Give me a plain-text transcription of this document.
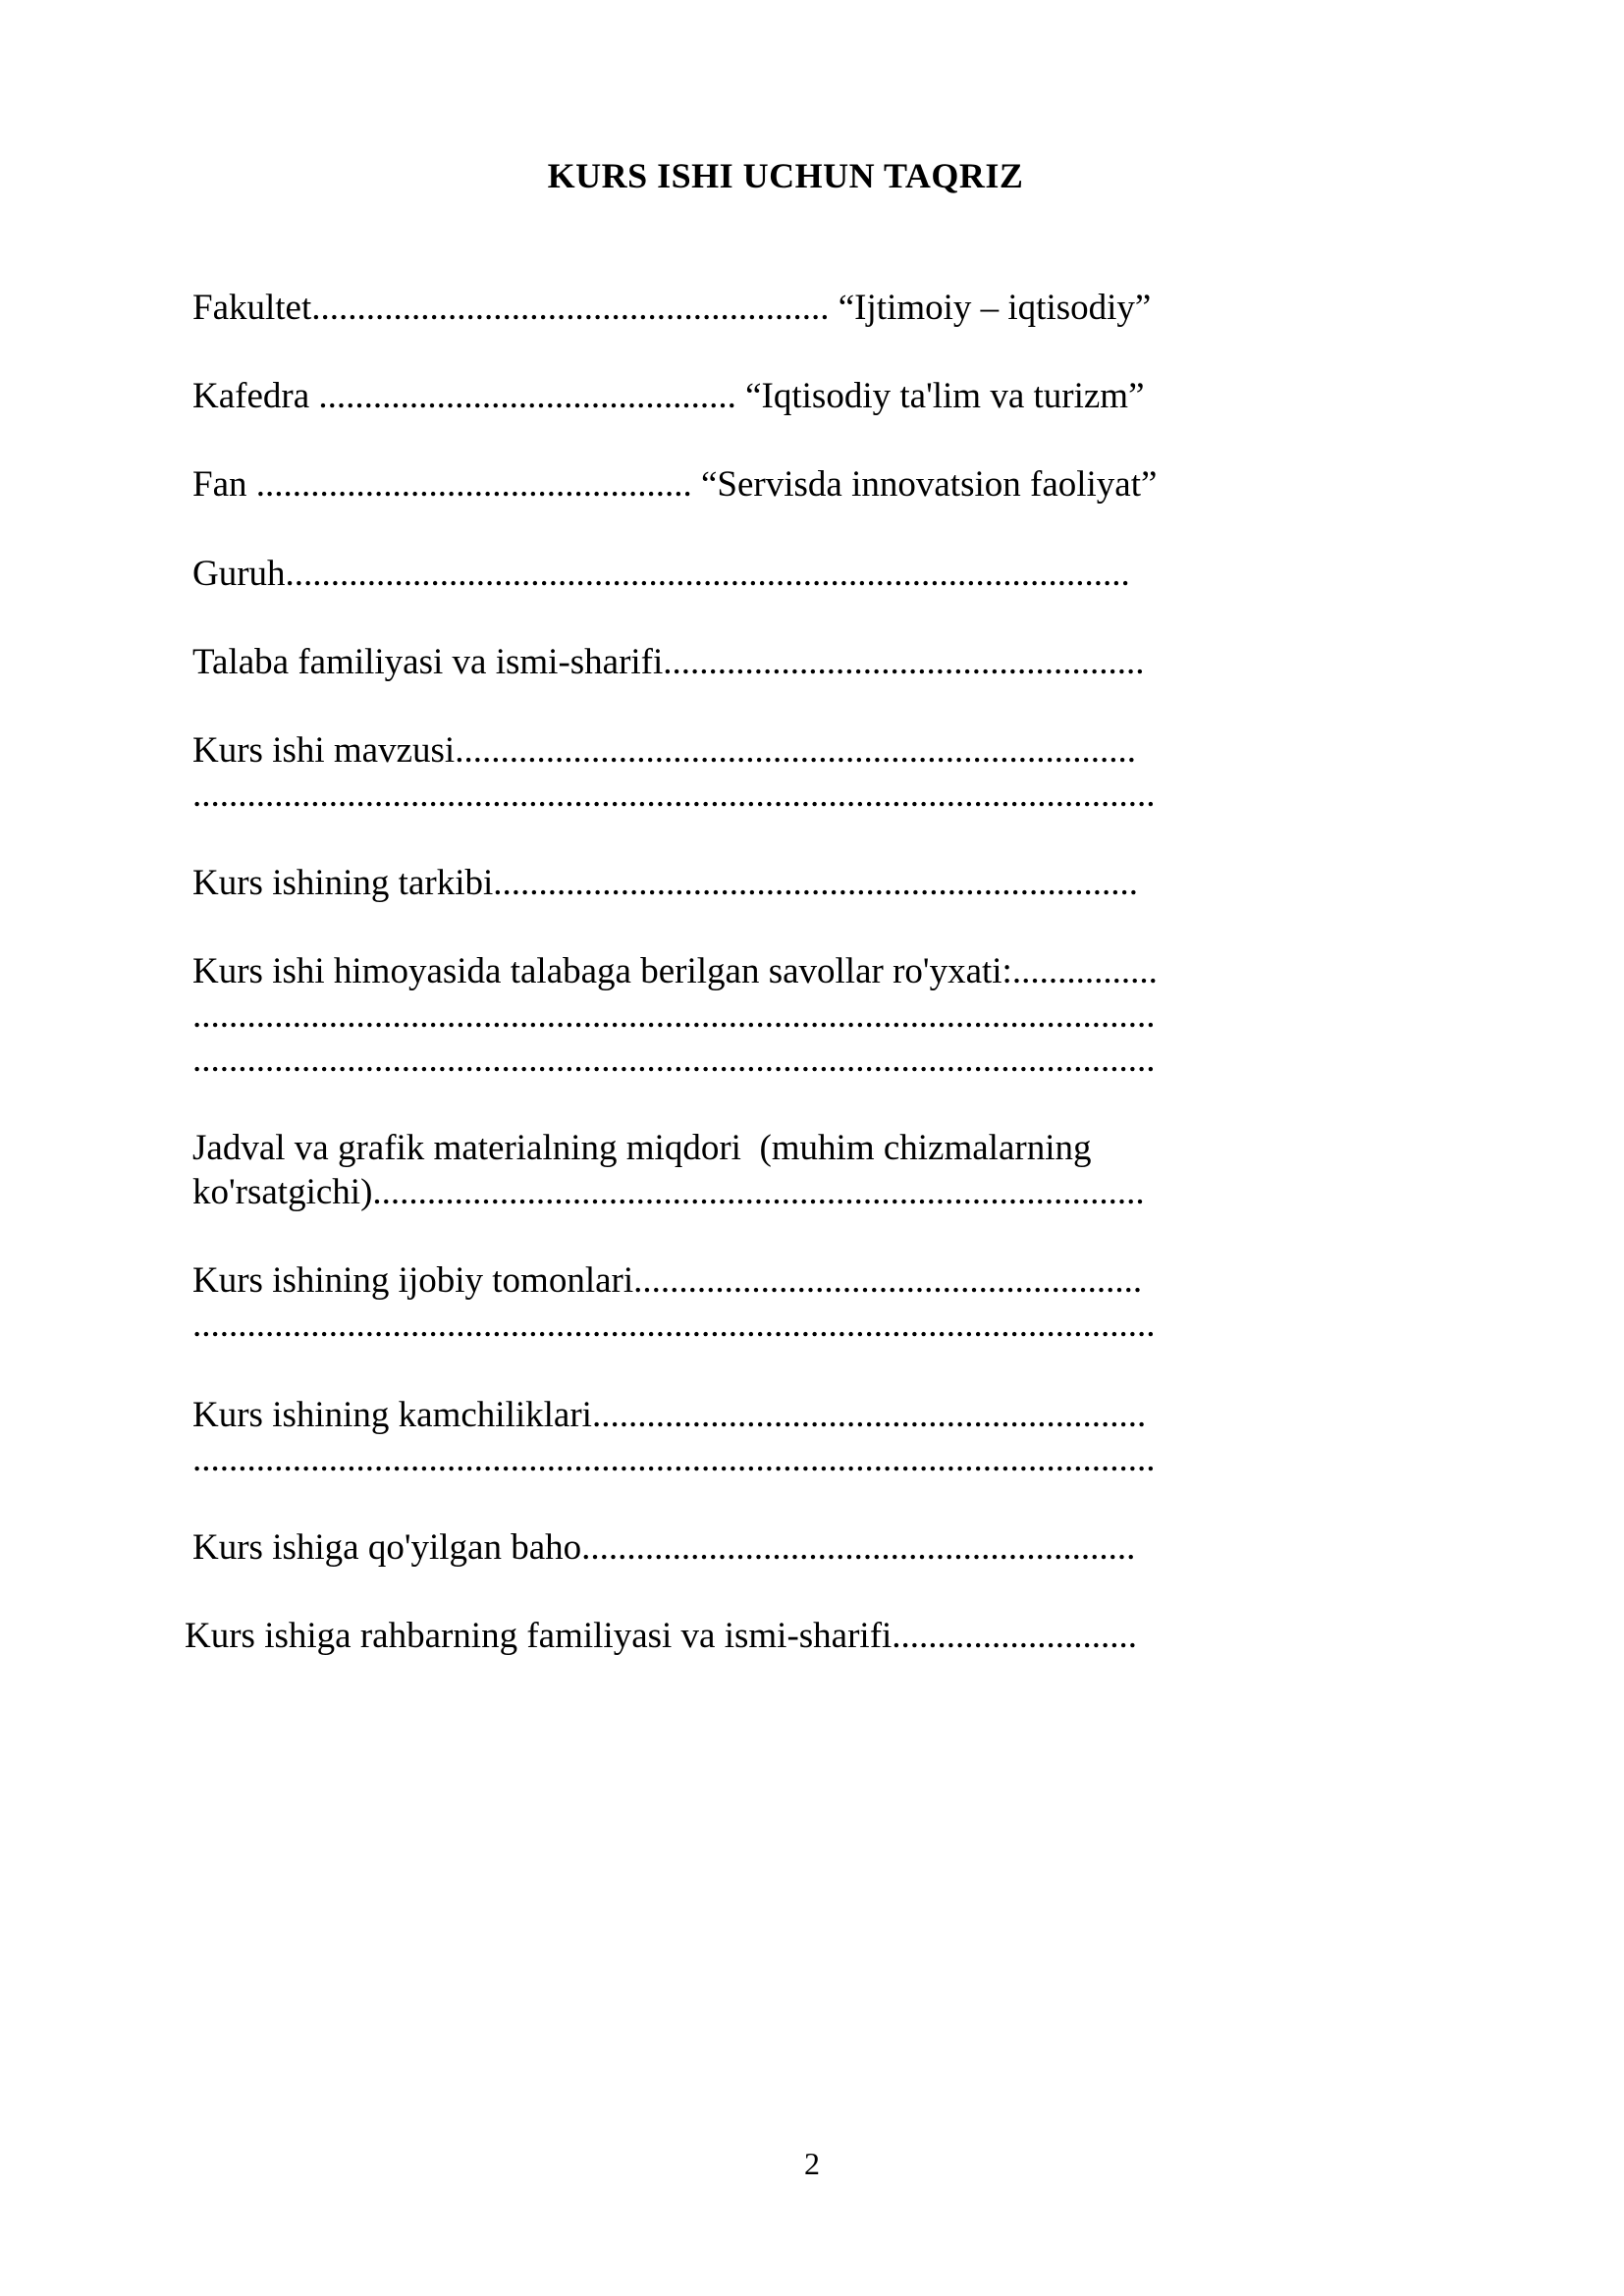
KURS ISHI UCHUN TAQRIZ
Fakultet......................................................... “Ijtimoiy – iqtisodiy”
Kafedra .............................................. “Iqtisodiy ta'lim va turizm”
Fan ................................................ “Servisda innovatsion faoliyat”
Guruh.............................................................................................
Talaba familiyasi va ismi-sharifi.....................................................
Kurs ishi mavzusi...........................................................................
..........................................................................................................
Kurs ishining tarkibi.......................................................................
Kurs ishi himoyasida talabaga berilgan savollar ro'yxati:................
..........................................................................................................
..........................................................................................................
Jadval va grafik materialning miqdori  (muhim chizmalarning
ko'rsatgichi).....................................................................................
Kurs ishining ijobiy tomonlari........................................................
..........................................................................................................
Kurs ishining kamchiliklari.............................................................
..........................................................................................................
Kurs ishiga qo'yilgan baho.............................................................
Kurs ishiga rahbarning familiyasi va ismi-sharifi...........................
2
